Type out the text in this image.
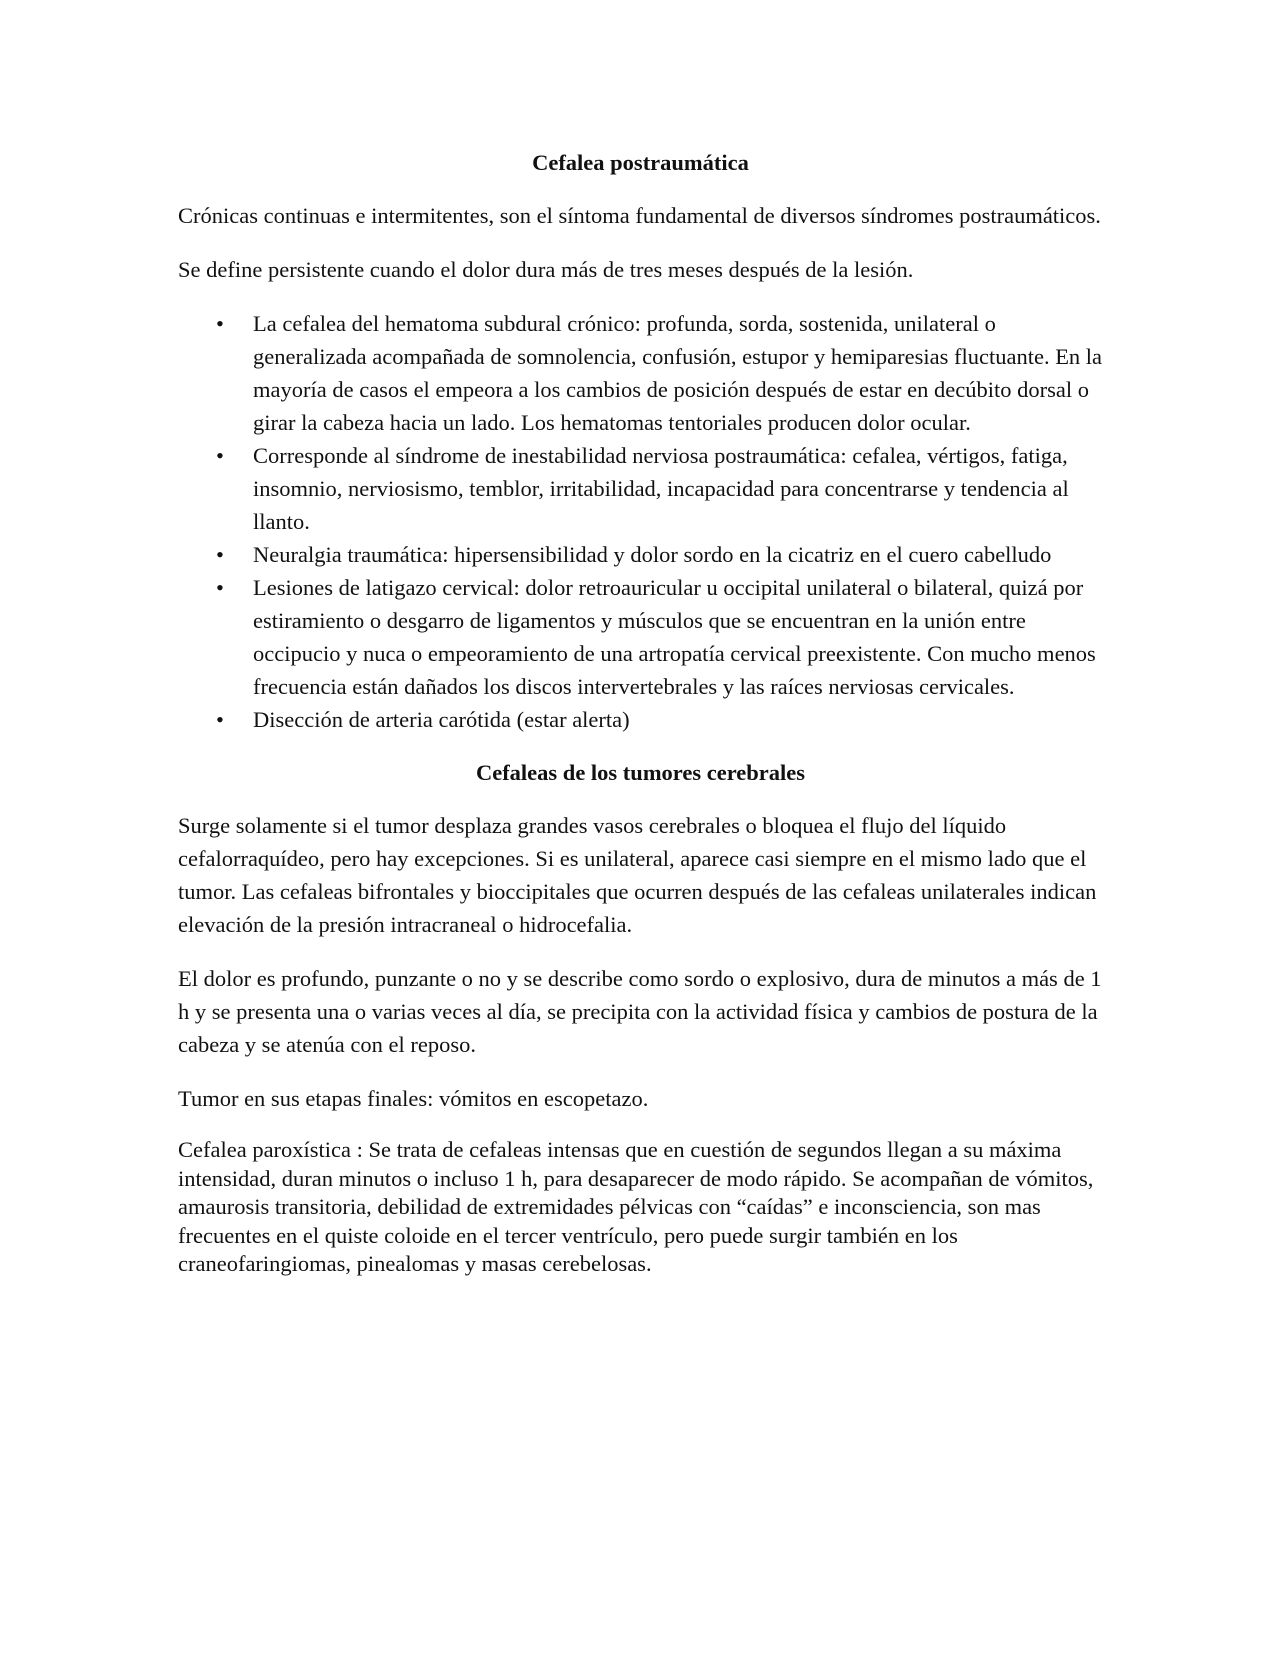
Cefalea postraumática

Crónicas continuas e intermitentes, son el síntoma fundamental de diversos síndromes postraumáticos.

Se define persistente cuando el dolor dura más de tres meses después de la lesión.

• La cefalea del hematoma subdural crónico: profunda, sorda, sostenida, unilateral o generalizada acompañada de somnolencia, confusión, estupor y hemiparesias fluctuante. En la mayoría de casos el empeora a los cambios de posición después de estar en decúbito dorsal o girar la cabeza hacia un lado. Los hematomas tentoriales producen dolor ocular.
• Corresponde al síndrome de inestabilidad nerviosa postraumática: cefalea, vértigos, fatiga, insomnio, nerviosismo, temblor, irritabilidad, incapacidad para concentrarse y tendencia al llanto.
• Neuralgia traumática: hipersensibilidad y dolor sordo en la cicatriz en el cuero cabelludo
• Lesiones de latigazo cervical: dolor retroauricular u occipital unilateral o bilateral, quizá por estiramiento o desgarro de ligamentos y músculos que se encuentran en la unión entre occipucio y nuca o empeoramiento de una artropatía cervical preexistente. Con mucho menos frecuencia están dañados los discos intervertebrales y las raíces nerviosas cervicales.
• Disección de arteria carótida (estar alerta)
Cefaleas de los tumores cerebrales

Surge solamente si el tumor desplaza grandes vasos cerebrales o bloquea el flujo del líquido cefalorraquídeo, pero hay excepciones. Si es unilateral, aparece casi siempre en el mismo lado que el tumor. Las cefaleas bifrontales y bioccipitales que ocurren después de las cefaleas unilaterales indican elevación de la presión intracraneal o hidrocefalia.

El dolor es profundo, punzante o no y se describe como sordo o explosivo, dura de minutos a más de 1 h y se presenta una o varias veces al día, se precipita con la actividad física y cambios de postura de la cabeza y se atenúa con el reposo.

Tumor en sus etapas finales: vómitos en escopetazo.

Cefalea paroxística : Se trata de cefaleas intensas que en cuestión de segundos llegan a su máxima intensidad, duran minutos o incluso 1 h, para desaparecer de modo rápido. Se acompañan de vómitos, amaurosis transitoria, debilidad de extremidades pélvicas con “caídas” e inconsciencia, son mas frecuentes en el quiste coloide en el tercer ventrículo, pero puede surgir también en los craneofaringiomas, pinealomas y masas cerebelosas.
